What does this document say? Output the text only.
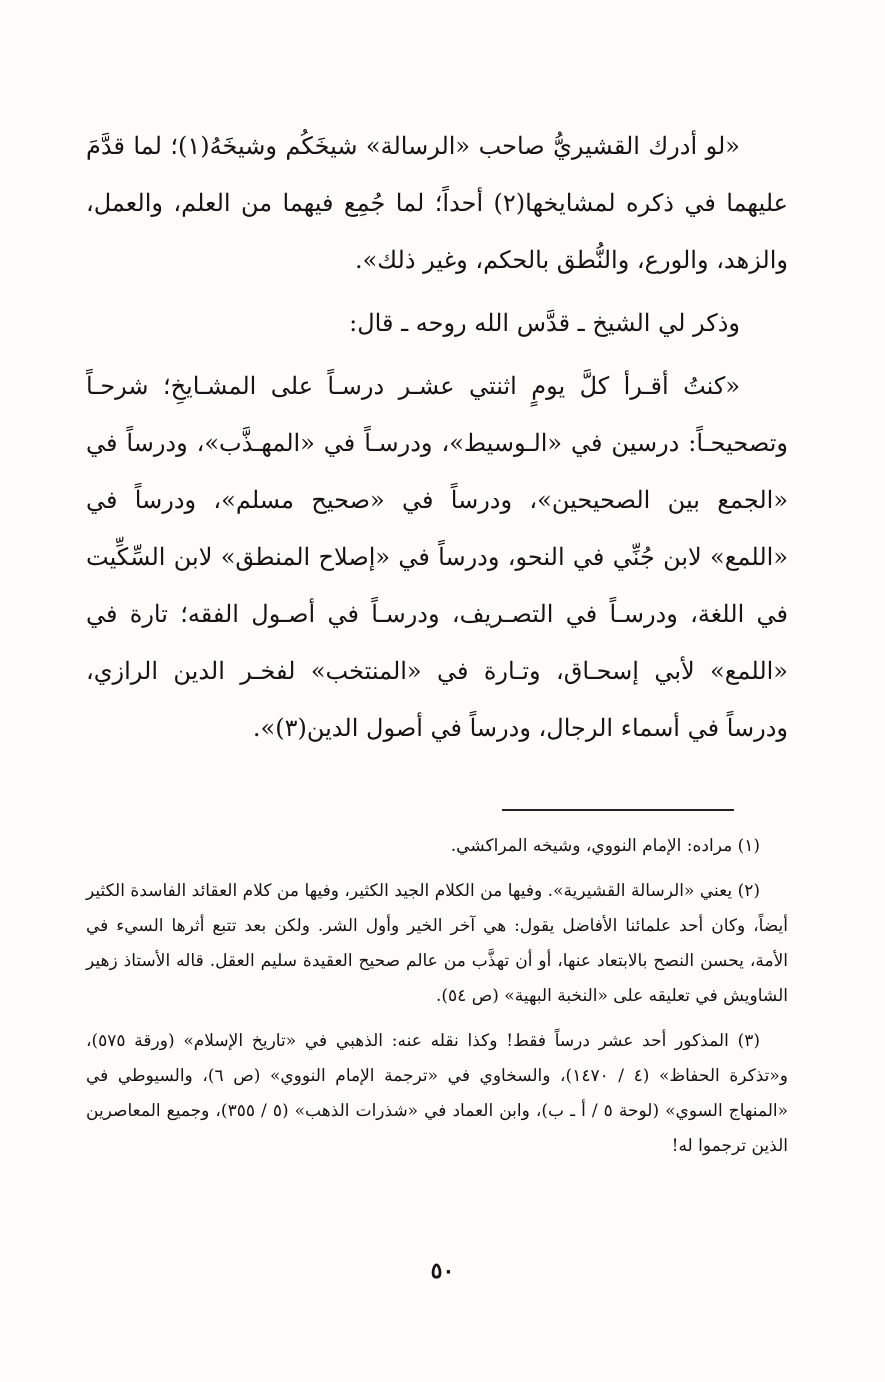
«لو أدرك القشيريُّ صاحب «الرسالة» شيخَكُم وشيخَهُ(١)؛ لما قدَّمَ عليهما في ذكره لمشايخها(٢) أحداً؛ لما جُمِع فيهما من العلم، والعمل، والزهد، والورع، والنُّطق بالحكم، وغير ذلك».

وذكر لي الشيخ ـ قدَّس الله روحه ـ قال:

«كنتُ أقـرأ كلَّ يومٍ اثنتي عشـر درسـاً على المشـايخِ؛ شرحـاً وتصحيحـاً: درسين في «الـوسيط»، ودرسـاً في «المهـذَّب»، ودرساً في «الجمع بين الصحيحين»، ودرساً في «صحيح مسلم»، ودرساً في «اللمع» لابن جُنِّي في النحو، ودرساً في «إصلاح المنطق» لابن السِّكِّيت في اللغة، ودرسـاً في التصـريف، ودرسـاً في أصـول الفقه؛ تارة في «اللمع» لأبي إسحـاق، وتـارة في «المنتخب» لفخـر الدين الرازي، ودرساً في أسماء الرجال، ودرساً في أصول الدين(٣)».

(١) مراده: الإمام النووي، وشيخه المراكشي.

(٢) يعني «الرسالة القشيرية». وفيها من الكلام الجيد الكثير، وفيها من كلام العقائد الفاسدة الكثير أيضاً، وكان أحد علمائنا الأفاضل يقول: هي آخر الخير وأول الشر. ولكن بعد تتبع أثرها السيء في الأمة، يحسن النصح بالابتعاد عنها، أو أن تهذَّب من عالم صحيح العقيدة سليم العقل. قاله الأستاذ زهير الشاويش في تعليقه على «النخبة البهية» (ص ٥٤).

(٣) المذكور أحد عشر درساً فقط! وكذا نقله عنه: الذهبي في «تاريخ الإسلام» (ورقة ٥٧٥)، و«تذكرة الحفاظ» (٤ / ١٤٧٠)، والسخاوي في «ترجمة الإمام النووي» (ص ٦)، والسيوطي في «المنهاج السوي» (لوحة ٥ / أ ـ ب)، وابن العماد في «شذرات الذهب» (٥ / ٣٥٥)، وجميع المعاصرين الذين ترجموا له!

٥٠
